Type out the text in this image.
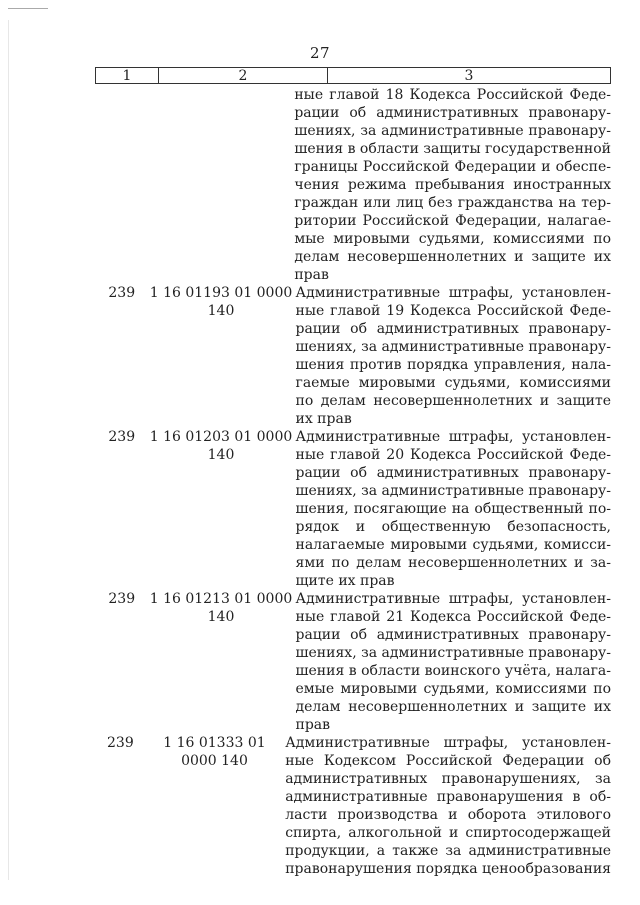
27
1	2	3
ные главой 18 Кодекса Российской Феде-
рации об административных правонару-
шениях, за административные правонару-
шения в области защиты государственной
границы Российской Федерации и обеспе-
чения режима пребывания иностранных
граждан или лиц без гражданства на тер-
ритории Российской Федерации, налагае-
мые мировыми судьями, комиссиями по
делам несовершеннолетних и защите их
прав
239	1 16 01193 01 0000 140
Административные штрафы, установлен-
ные главой 19 Кодекса Российской Феде-
рации об административных правонару-
шениях, за административные правонару-
шения против порядка управления, нала-
гаемые мировыми судьями, комиссиями
по делам несовершеннолетних и защите
их прав
239	1 16 01203 01 0000 140
Административные штрафы, установлен-
ные главой 20 Кодекса Российской Феде-
рации об административных правонару-
шениях, за административные правонару-
шения, посягающие на общественный по-
рядок и общественную безопасность,
налагаемые мировыми судьями, комисси-
ями по делам несовершеннолетних и за-
щите их прав
239	1 16 01213 01 0000 140
Административные штрафы, установлен-
ные главой 21 Кодекса Российской Феде-
рации об административных правонару-
шениях, за административные правонару-
шения в области воинского учёта, налага-
емые мировыми судьями, комиссиями по
делам несовершеннолетних и защите их
прав
239	1 16 01333 01 0000 140
Административные штрафы, установлен-
ные Кодексом Российской Федерации об
административных правонарушениях, за
административные правонарушения в об-
ласти производства и оборота этилового
спирта, алкогольной и спиртосодержащей
продукции, а также за административные
правонарушения порядка ценообразования
